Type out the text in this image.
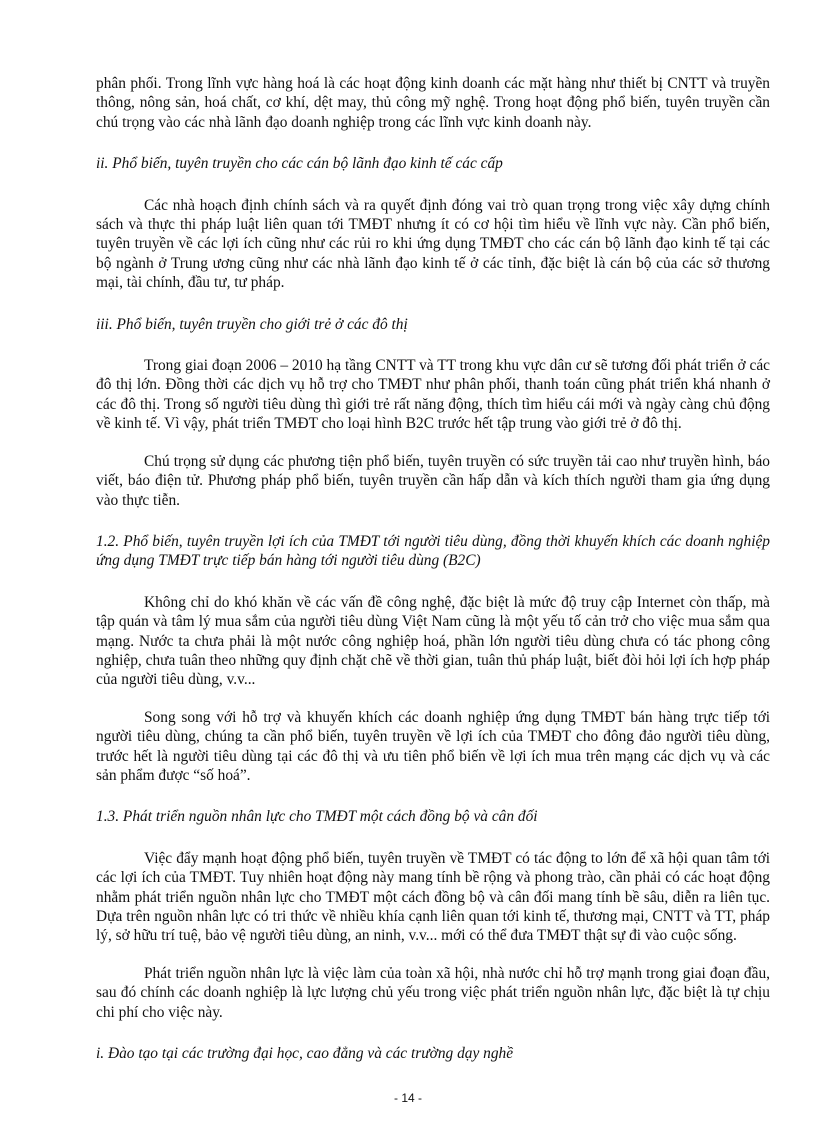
phân phối. Trong lĩnh vực hàng hoá là các hoạt động kinh doanh các mặt hàng như thiết bị CNTT và truyền thông, nông sản, hoá chất, cơ khí, dệt may, thủ công mỹ nghệ. Trong hoạt động phổ biến, tuyên truyền cần chú trọng vào các nhà lãnh đạo doanh nghiệp trong các lĩnh vực kinh doanh này.

ii. Phổ biến, tuyên truyền cho các cán bộ lãnh đạo kinh tế các cấp

Các nhà hoạch định chính sách và ra quyết định đóng vai trò quan trọng trong việc xây dựng chính sách và thực thi pháp luật liên quan tới TMĐT nhưng ít có cơ hội tìm hiểu về lĩnh vực này. Cần phổ biến, tuyên truyền về các lợi ích cũng như các rủi ro khi ứng dụng TMĐT cho các cán bộ lãnh đạo kinh tế tại các bộ ngành ở Trung ương cũng như các nhà lãnh đạo kinh tế ở các tỉnh, đặc biệt là cán bộ của các sở thương mại, tài chính, đầu tư, tư pháp.

iii. Phổ biến, tuyên truyền cho giới trẻ ở các đô thị

Trong giai đoạn 2006 – 2010 hạ tầng CNTT và TT trong khu vực dân cư sẽ tương đối phát triển ở các đô thị lớn. Đồng thời các dịch vụ hỗ trợ cho TMĐT như phân phối, thanh toán cũng phát triển khá nhanh ở các đô thị. Trong số người tiêu dùng thì giới trẻ rất năng động, thích tìm hiểu cái mới và ngày càng chủ động về kinh tế. Vì vậy, phát triển TMĐT cho loại hình B2C trước hết tập trung vào giới trẻ ở đô thị.

Chú trọng sử dụng các phương tiện phổ biến, tuyên truyền có sức truyền tải cao như truyền hình, báo viết, báo điện tử. Phương pháp phổ biến, tuyên truyền cần hấp dẫn và kích thích người tham gia ứng dụng vào thực tiễn.

1.2. Phổ biến, tuyên truyền lợi ích của TMĐT tới người tiêu dùng, đồng thời khuyến khích các doanh nghiệp ứng dụng TMĐT trực tiếp bán hàng tới người tiêu dùng (B2C)

Không chỉ do khó khăn về các vấn đề công nghệ, đặc biệt là mức độ truy cập Internet còn thấp, mà tập quán và tâm lý mua sắm của người tiêu dùng Việt Nam cũng là một yếu tố cản trở cho việc mua sắm qua mạng. Nước ta chưa phải là một nước công nghiệp hoá, phần lớn người tiêu dùng chưa có tác phong công nghiệp, chưa tuân theo những quy định chặt chẽ về thời gian, tuân thủ pháp luật, biết đòi hỏi lợi ích hợp pháp của người tiêu dùng, v.v...

Song song với hỗ trợ và khuyến khích các doanh nghiệp ứng dụng TMĐT bán hàng trực tiếp tới người tiêu dùng, chúng ta cần phổ biến, tuyên truyền về lợi ích của TMĐT cho đông đảo người tiêu dùng, trước hết là người tiêu dùng tại các đô thị và ưu tiên phổ biến về lợi ích mua trên mạng các dịch vụ và các sản phẩm được “số hoá”.

1.3. Phát triển nguồn nhân lực cho TMĐT một cách đồng bộ và cân đối

Việc đẩy mạnh hoạt động phổ biến, tuyên truyền về TMĐT có tác động to lớn để xã hội quan tâm tới các lợi ích của TMĐT. Tuy nhiên hoạt động này mang tính bề rộng và phong trào, cần phải có các hoạt động nhằm phát triển nguồn nhân lực cho TMĐT một cách đồng bộ và cân đối mang tính bề sâu, diễn ra liên tục. Dựa trên nguồn nhân lực có tri thức về nhiều khía cạnh liên quan tới kinh tế, thương mại, CNTT và TT, pháp lý, sở hữu trí tuệ, bảo vệ người tiêu dùng, an ninh, v.v... mới có thể đưa TMĐT thật sự đi vào cuộc sống.

Phát triển nguồn nhân lực là việc làm của toàn xã hội, nhà nước chỉ hỗ trợ mạnh trong giai đoạn đầu, sau đó chính các doanh nghiệp là lực lượng chủ yếu trong việc phát triển nguồn nhân lực, đặc biệt là tự chịu chi phí cho việc này.

i. Đào tạo tại các trường đại học, cao đẳng và các trường dạy nghề

- 14 -
